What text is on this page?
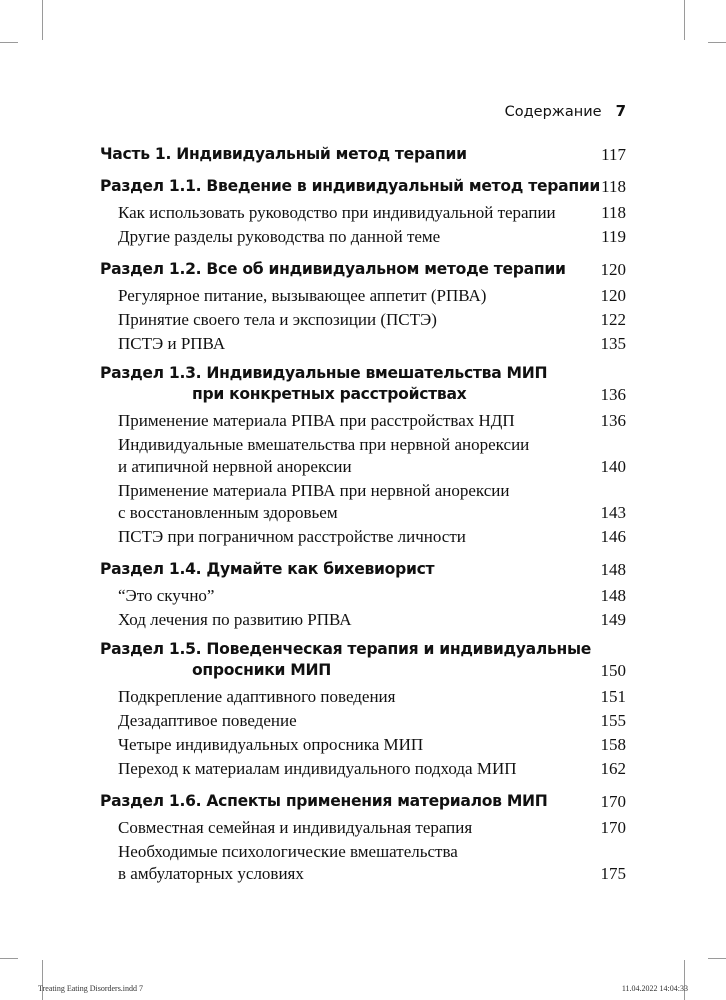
Содержание 7
Часть 1. Индивидуальный метод терапии	117
Раздел 1.1. Введение в индивидуальный метод терапии 118
Как использовать руководство при индивидуальной терапии	118
Другие разделы руководства по данной теме	119
Раздел 1.2. Все об индивидуальном методе терапии 120
Регулярное питание, вызывающее аппетит (РПВА)	120
Принятие своего тела и экспозиции (ПСТЭ)	122
ПСТЭ и РПВА	135
Раздел 1.3. Индивидуальные вмешательства МИП
при конкретных расстройствах	136
Применение материала РПВА при расстройствах НДП	136
Индивидуальные вмешательства при нервной анорексии
и атипичной нервной анорексии	140
Применение материала РПВА при нервной анорексии
с восстановленным здоровьем	143
ПСТЭ при пограничном расстройстве личности	146
Раздел 1.4. Думайте как бихевиорист	148
“Это скучно”	148
Ход лечения по развитию РПВА	149
Раздел 1.5. Поведенческая терапия и индивидуальные
опросники МИП	150
Подкрепление адаптивного поведения	151
Дезадаптивое поведение	155
Четыре индивидуальных опросника МИП	158
Переход к материалам индивидуального подхода МИП	162
Раздел 1.6. Аспекты применения материалов МИП	170
Совместная семейная и индивидуальная терапия	170
Необходимые психологические вмешательства
в амбулаторных условиях	175
Treating Eating Disorders.indd 7	11.04.2022 14:04:33
